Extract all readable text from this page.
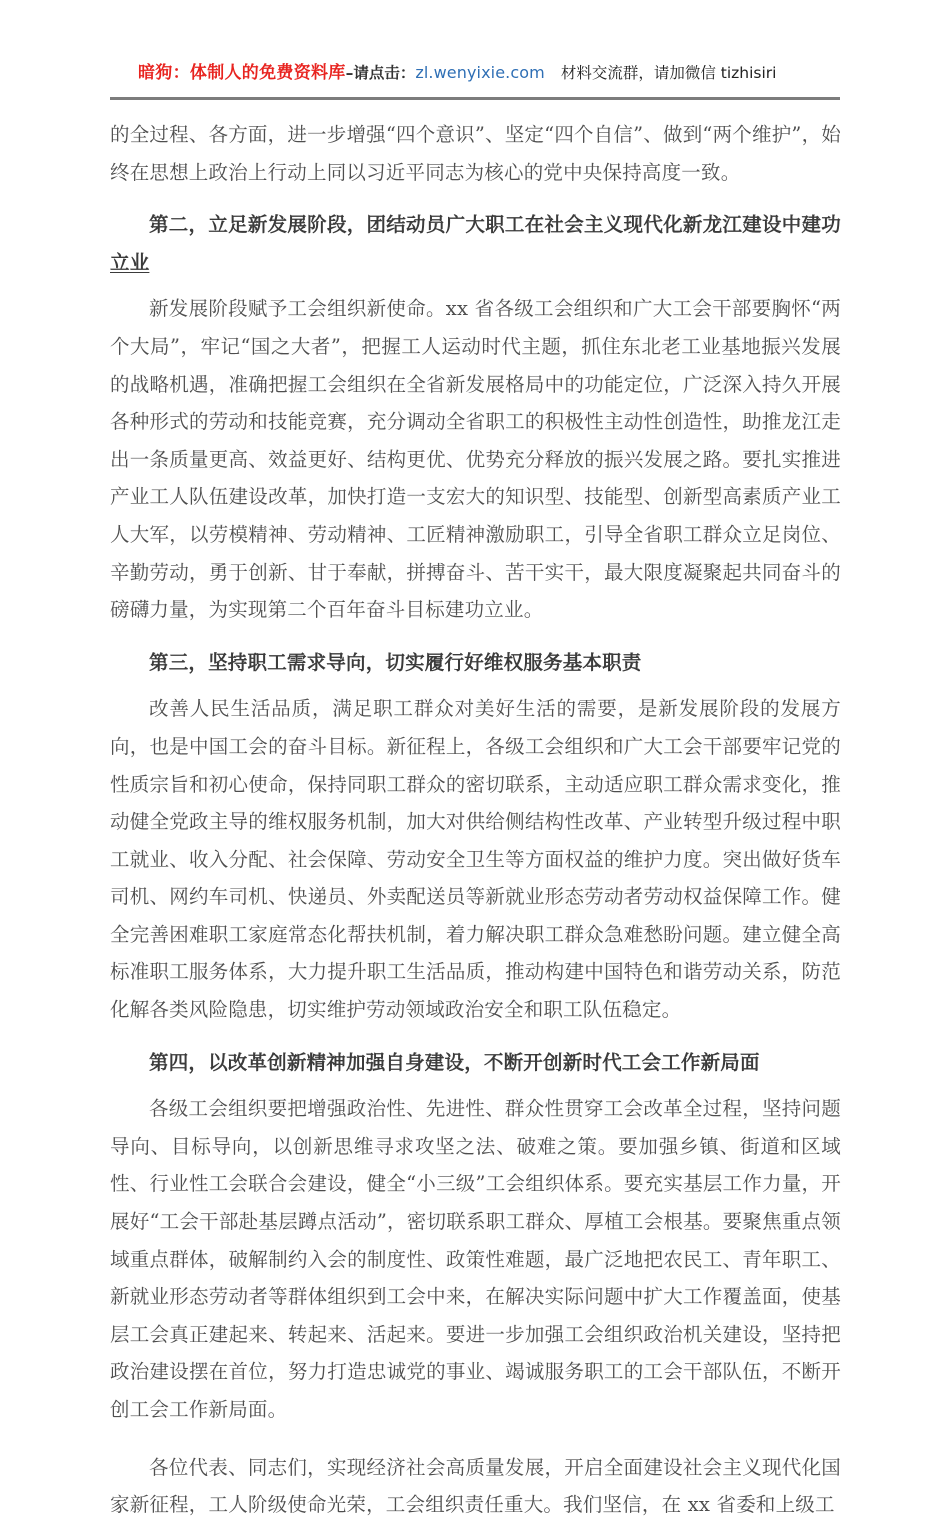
暗狗：体制人的免费资料库–请点击：zl.wenyixie.com 材料交流群，请加微信 tizhisiri

的全过程、各方面，进一步增强“四个意识”、坚定“四个自信”、做到“两个维护”，始终在思想上政治上行动上同以习近平同志为核心的党中央保持高度一致。

第二，立足新发展阶段，团结动员广大职工在社会主义现代化新龙江建设中建功立业

新发展阶段赋予工会组织新使命。xx 省各级工会组织和广大工会干部要胸怀“两个大局”，牢记“国之大者”，把握工人运动时代主题，抓住东北老工业基地振兴发展的战略机遇，准确把握工会组织在全省新发展格局中的功能定位，广泛深入持久开展各种形式的劳动和技能竞赛，充分调动全省职工的积极性主动性创造性，助推龙江走出一条质量更高、效益更好、结构更优、优势充分释放的振兴发展之路。要扎实推进产业工人队伍建设改革，加快打造一支宏大的知识型、技能型、创新型高素质产业工人大军，以劳模精神、劳动精神、工匠精神激励职工，引导全省职工群众立足岗位、辛勤劳动，勇于创新、甘于奉献，拼搏奋斗、苦干实干，最大限度凝聚起共同奋斗的磅礴力量，为实现第二个百年奋斗目标建功立业。

第三，坚持职工需求导向，切实履行好维权服务基本职责

改善人民生活品质，满足职工群众对美好生活的需要，是新发展阶段的发展方向，也是中国工会的奋斗目标。新征程上，各级工会组织和广大工会干部要牢记党的性质宗旨和初心使命，保持同职工群众的密切联系，主动适应职工群众需求变化，推动健全党政主导的维权服务机制，加大对供给侧结构性改革、产业转型升级过程中职工就业、收入分配、社会保障、劳动安全卫生等方面权益的维护力度。突出做好货车司机、网约车司机、快递员、外卖配送员等新就业形态劳动者劳动权益保障工作。健全完善困难职工家庭常态化帮扶机制，着力解决职工群众急难愁盼问题。建立健全高标准职工服务体系，大力提升职工生活品质，推动构建中国特色和谐劳动关系，防范化解各类风险隐患，切实维护劳动领域政治安全和职工队伍稳定。

第四，以改革创新精神加强自身建设，不断开创新时代工会工作新局面

各级工会组织要把增强政治性、先进性、群众性贯穿工会改革全过程，坚持问题导向、目标导向，以创新思维寻求攻坚之法、破难之策。要加强乡镇、街道和区域性、行业性工会联合会建设，健全“小三级”工会组织体系。要充实基层工作力量，开展好“工会干部赴基层蹲点活动”，密切联系职工群众、厚植工会根基。要聚焦重点领域重点群体，破解制约入会的制度性、政策性难题，最广泛地把农民工、青年职工、新就业形态劳动者等群体组织到工会中来，在解决实际问题中扩大工作覆盖面，使基层工会真正建起来、转起来、活起来。要进一步加强工会组织政治机关建设，坚持把政治建设摆在首位，努力打造忠诚党的事业、竭诚服务职工的工会干部队伍，不断开创工会工作新局面。

各位代表、同志们，实现经济社会高质量发展，开启全面建设社会主义现代化国家新征程，工人阶级使命光荣，工会组织责任重大。我们坚信，在 xx 省委和上级工
